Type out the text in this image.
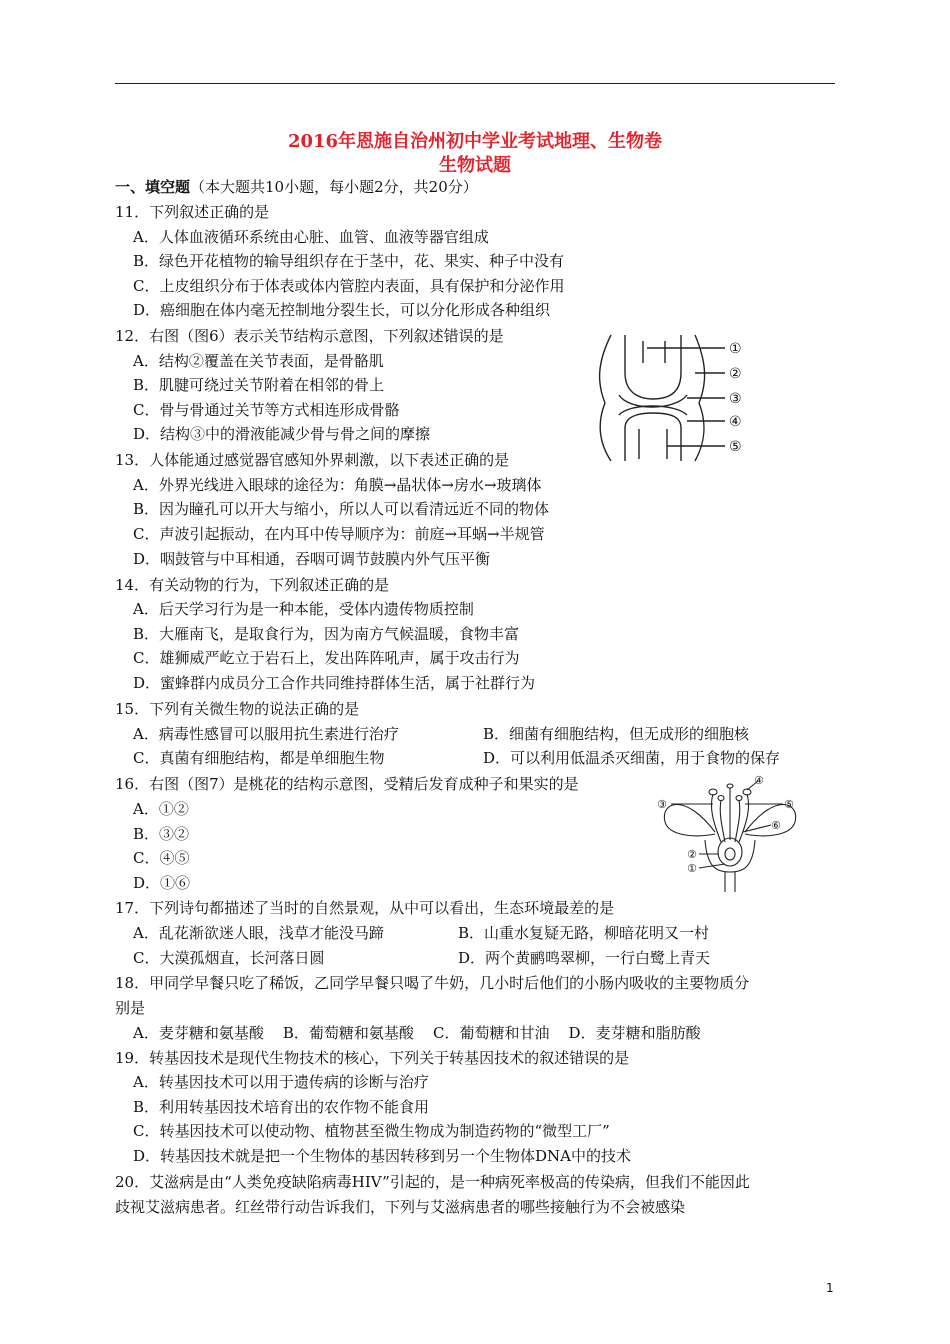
2016年恩施自治州初中学业考试地理、生物卷
生物试题
一、填空题（本大题共10小题，每小题2分，共20分）
11．下列叙述正确的是
A．人体血液循环系统由心脏、血管、血液等器官组成
B．绿色开花植物的输导组织存在于茎中，花、果实、种子中没有
C．上皮组织分布于体表或体内管腔内表面，具有保护和分泌作用
D．癌细胞在体内毫无控制地分裂生长，可以分化形成各种组织
12．右图（图6）表示关节结构示意图，下列叙述错误的是
A．结构②覆盖在关节表面，是骨骼肌
B．肌腱可绕过关节附着在相邻的骨上
C．骨与骨通过关节等方式相连形成骨骼
D．结构③中的滑液能减少骨与骨之间的摩擦
①
②
③
④
⑤
13．人体能通过感觉器官感知外界刺激，以下表述正确的是
A．外界光线进入眼球的途径为：角膜→晶状体→房水→玻璃体
B．因为瞳孔可以开大与缩小，所以人可以看清远近不同的物体
C．声波引起振动，在内耳中传导顺序为：前庭→耳蜗→半规管
D．咽鼓管与中耳相通，吞咽可调节鼓膜内外气压平衡
14．有关动物的行为，下列叙述正确的是
A．后天学习行为是一种本能，受体内遗传物质控制
B．大雁南飞，是取食行为，因为南方气候温暖，食物丰富
C．雄狮威严屹立于岩石上，发出阵阵吼声，属于攻击行为
D．蜜蜂群内成员分工合作共同维持群体生活，属于社群行为
15．下列有关微生物的说法正确的是
A．病毒性感冒可以服用抗生素进行治疗	B．细菌有细胞结构，但无成形的细胞核
C．真菌有细胞结构，都是单细胞生物	D．可以利用低温杀灭细菌，用于食物的保存
16．右图（图7）是桃花的结构示意图，受精后发育成种子和果实的是
A．①②
B．③②
C．④⑤
D．①⑥
④
③	⑤
⑥
②
①
17．下列诗句都描述了当时的自然景观，从中可以看出，生态环境最差的是
A．乱花渐欲迷人眼，浅草才能没马蹄	B．山重水复疑无路，柳暗花明又一村
C．大漠孤烟直，长河落日圆	D．两个黄鹂鸣翠柳，一行白鹭上青天
18．甲同学早餐只吃了稀饭，乙同学早餐只喝了牛奶，几小时后他们的小肠内吸收的主要物质分
别是
A．麦芽糖和氨基酸    B．葡萄糖和氨基酸    C．葡萄糖和甘油    D．麦芽糖和脂肪酸
19．转基因技术是现代生物技术的核心，下列关于转基因技术的叙述错误的是
A．转基因技术可以用于遗传病的诊断与治疗
B．利用转基因技术培育出的农作物不能食用
C．转基因技术可以使动物、植物甚至微生物成为制造药物的“微型工厂”
D．转基因技术就是把一个生物体的基因转移到另一个生物体DNA中的技术
20．艾滋病是由“人类免疫缺陷病毒HIV”引起的，是一种病死率极高的传染病，但我们不能因此
歧视艾滋病患者。红丝带行动告诉我们，下列与艾滋病患者的哪些接触行为不会被感染
1
